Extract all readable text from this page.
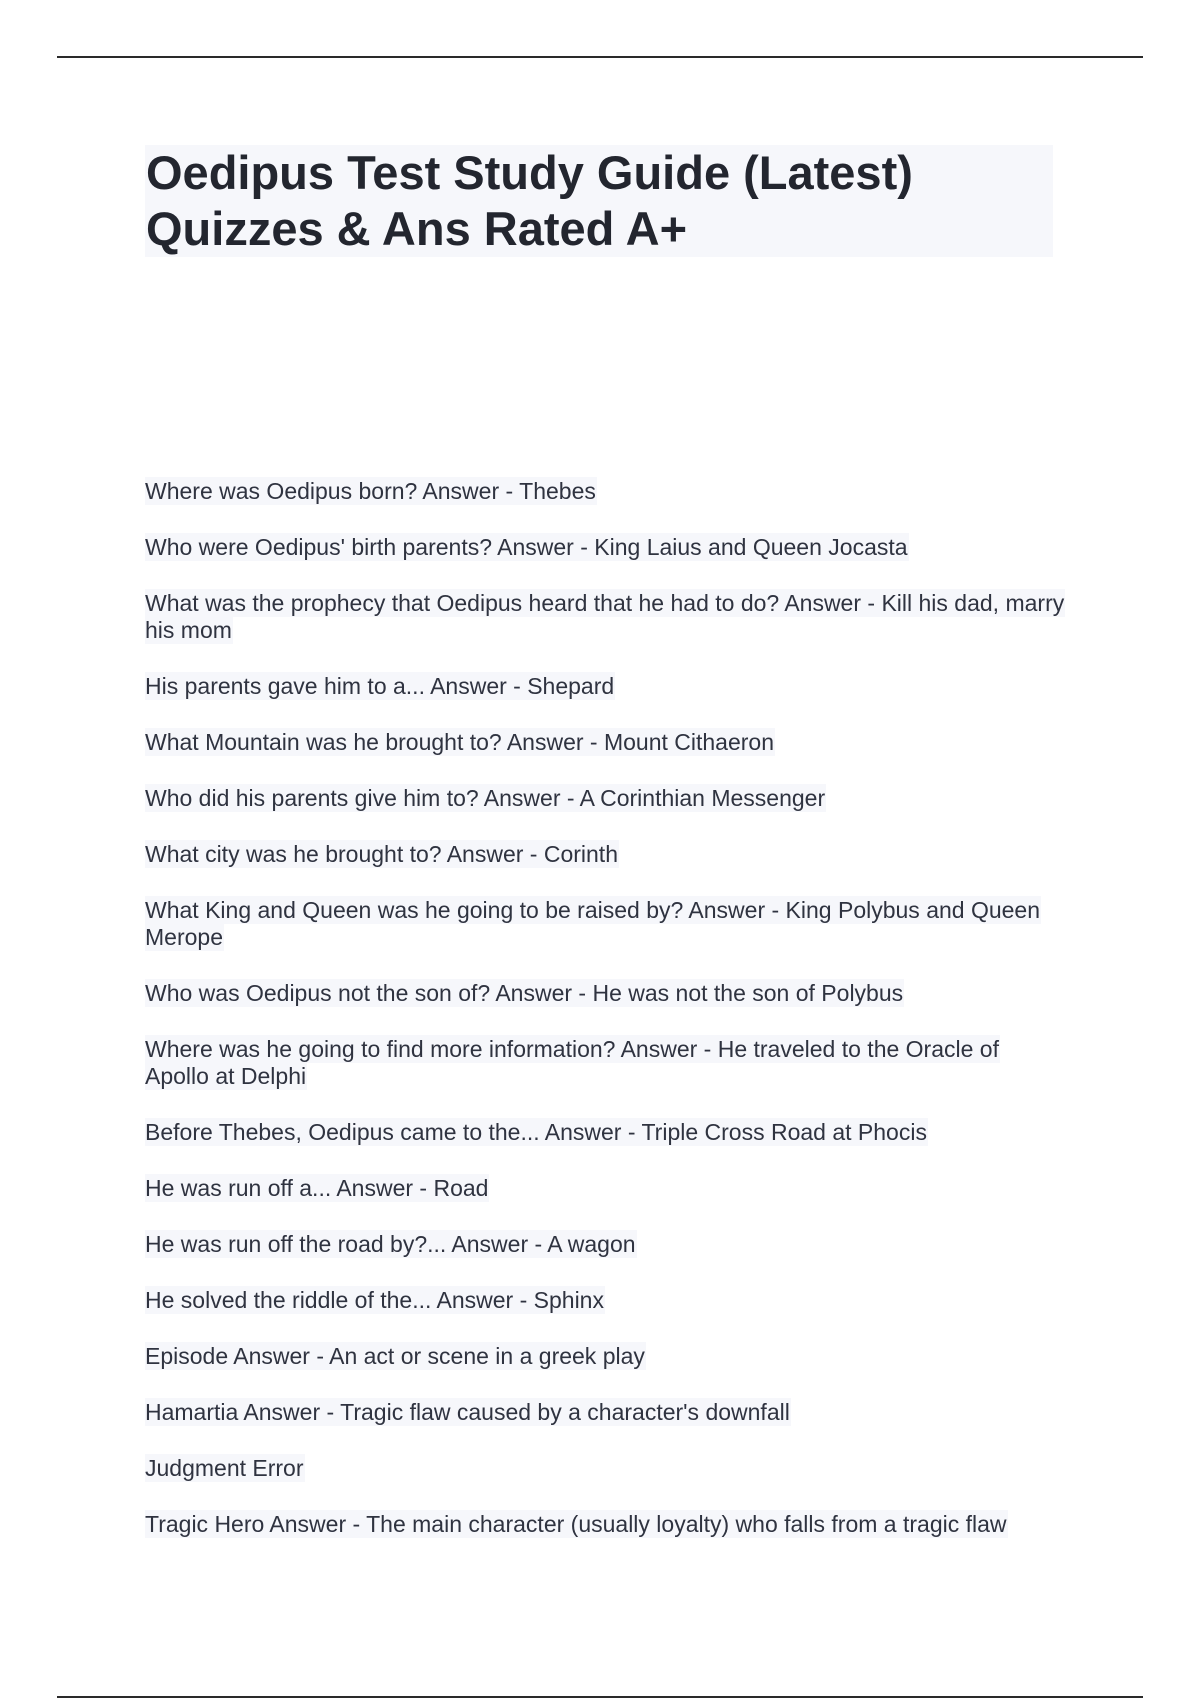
Oedipus Test Study Guide (Latest)
Quizzes & Ans Rated A+
Where was Oedipus born? Answer - Thebes
Who were Oedipus' birth parents? Answer - King Laius and Queen Jocasta
What was the prophecy that Oedipus heard that he had to do? Answer - Kill his dad, marry his mom
His parents gave him to a... Answer - Shepard
What Mountain was he brought to? Answer - Mount Cithaeron
Who did his parents give him to? Answer - A Corinthian Messenger
What city was he brought to? Answer - Corinth
What King and Queen was he going to be raised by? Answer - King Polybus and Queen Merope
Who was Oedipus not the son of? Answer - He was not the son of Polybus
Where was he going to find more information? Answer - He traveled to the Oracle of Apollo at Delphi
Before Thebes, Oedipus came to the... Answer - Triple Cross Road at Phocis
He was run off a... Answer - Road
He was run off the road by?... Answer - A wagon
He solved the riddle of the... Answer - Sphinx
Episode Answer - An act or scene in a greek play
Hamartia Answer - Tragic flaw caused by a character's downfall
Judgment Error
Tragic Hero Answer - The main character (usually loyalty) who falls from a tragic flaw
